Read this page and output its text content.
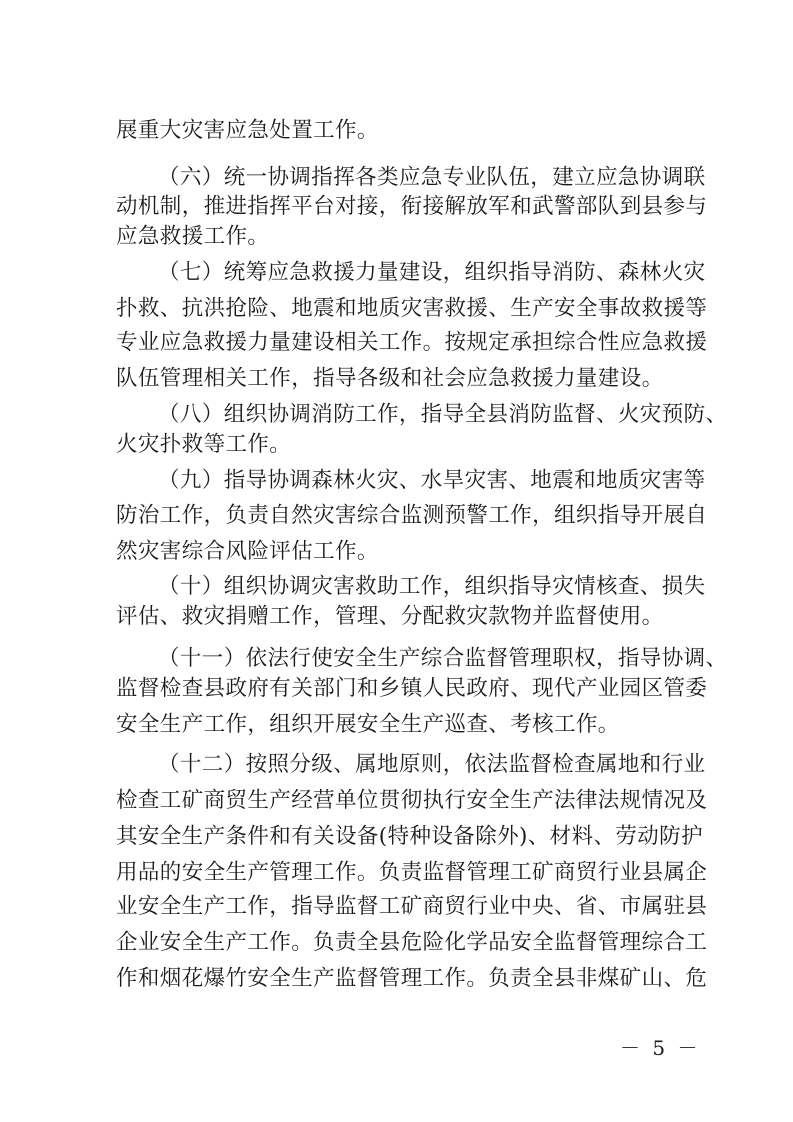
展重大灾害应急处置工作。
（六）统一协调指挥各类应急专业队伍，建立应急协调联
动机制，推进指挥平台对接，衔接解放军和武警部队到县参与
应急救援工作。
（七）统筹应急救援力量建设，组织指导消防、森林火灾
扑救、抗洪抢险、地震和地质灾害救援、生产安全事故救援等
专业应急救援力量建设相关工作。按规定承担综合性应急救援
队伍管理相关工作，指导各级和社会应急救援力量建设。
（八）组织协调消防工作，指导全县消防监督、火灾预防、
火灾扑救等工作。
（九）指导协调森林火灾、水旱灾害、地震和地质灾害等
防治工作，负责自然灾害综合监测预警工作，组织指导开展自
然灾害综合风险评估工作。
（十）组织协调灾害救助工作，组织指导灾情核查、损失
评估、救灾捐赠工作，管理、分配救灾款物并监督使用。
（十一）依法行使安全生产综合监督管理职权，指导协调、
监督检查县政府有关部门和乡镇人民政府、现代产业园区管委
安全生产工作，组织开展安全生产巡查、考核工作。
（十二）按照分级、属地原则，依法监督检查属地和行业
检查工矿商贸生产经营单位贯彻执行安全生产法律法规情况及
其安全生产条件和有关设备(特种设备除外)、材料、劳动防护
用品的安全生产管理工作。负责监督管理工矿商贸行业县属企
业安全生产工作，指导监督工矿商贸行业中央、省、市属驻县
企业安全生产工作。负责全县危险化学品安全监督管理综合工
作和烟花爆竹安全生产监督管理工作。负责全县非煤矿山、危
－ 5 －
